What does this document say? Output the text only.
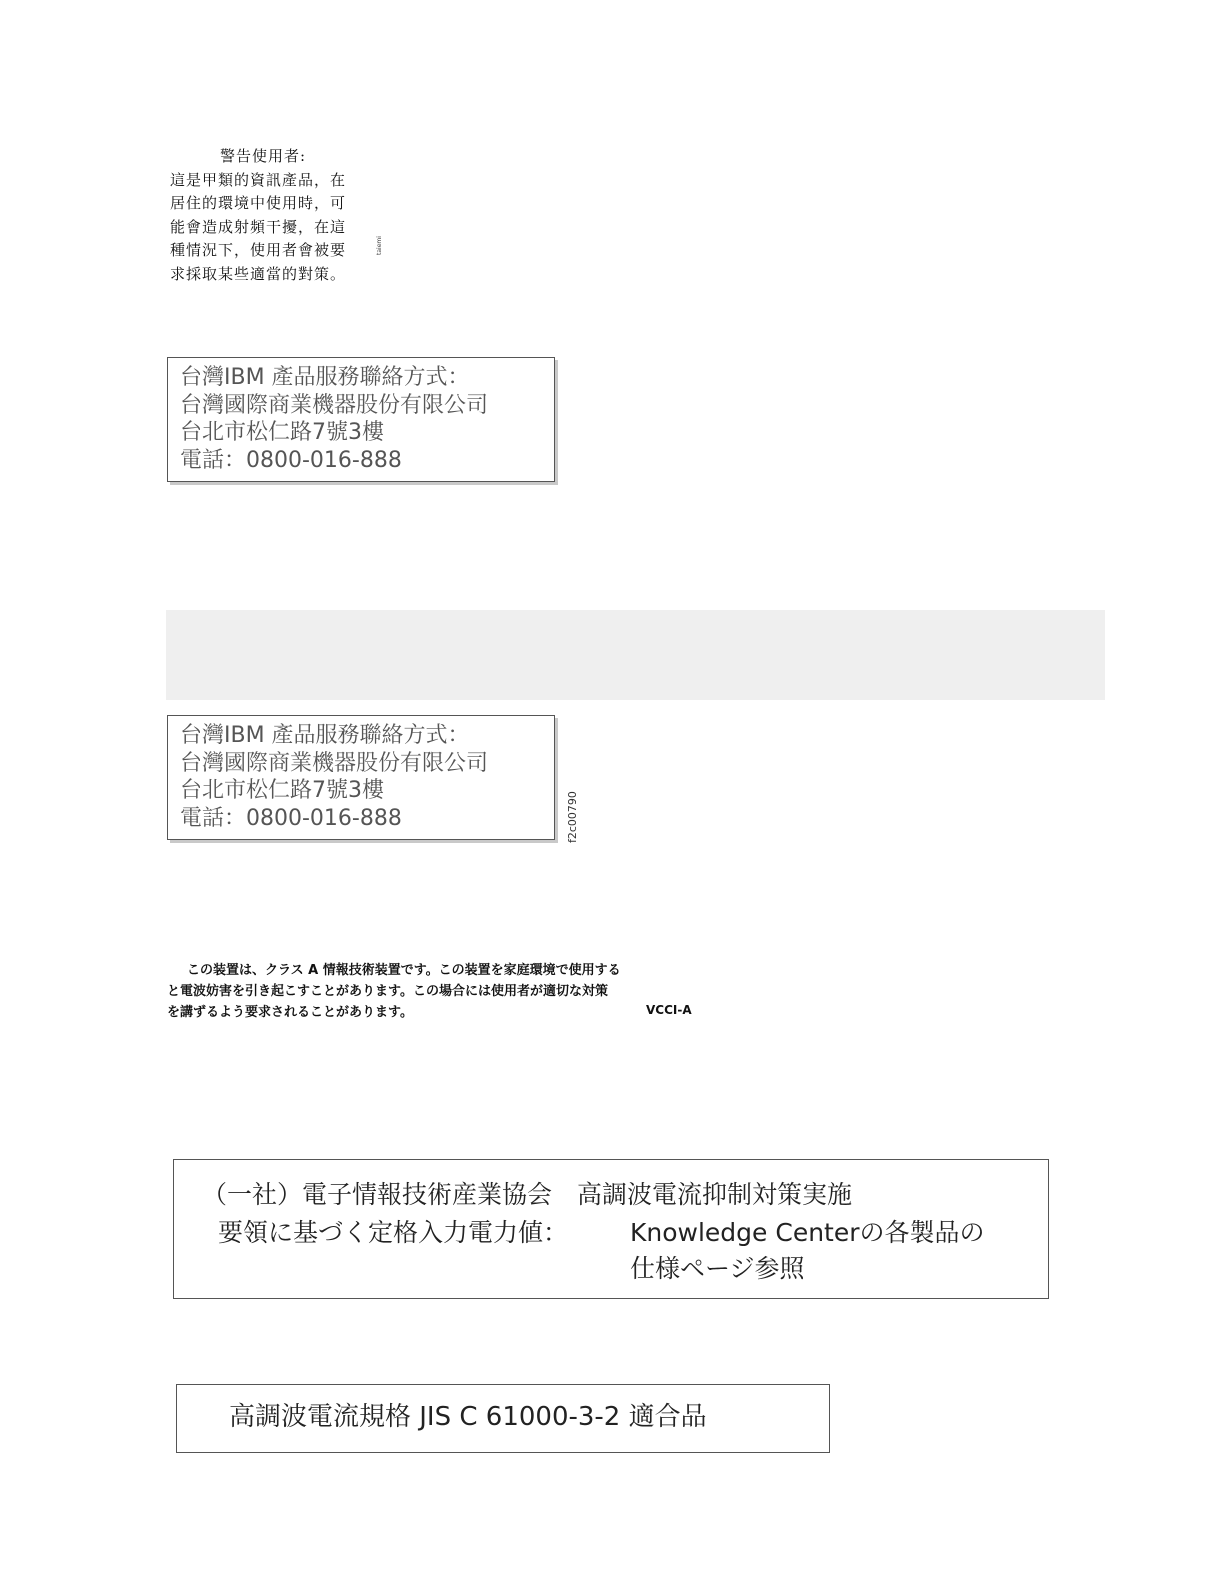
警告使用者:
這是甲類的資訊產品，在
居住的環境中使用時，可
能會造成射頻干擾，在這
種情況下，使用者會被要
求採取某些適當的對策。
taiemi
台灣IBM 產品服務聯絡方式：
台灣國際商業機器股份有限公司
台北市松仁路7號3樓
電話：0800-016-888
台灣IBM 產品服務聯絡方式：
台灣國際商業機器股份有限公司
台北市松仁路7號3樓
電話：0800-016-888	f2c00790
この装置は、クラス A 情報技術装置です。この装置を家庭環境で使用する
と電波妨害を引き起こすことがあります。この場合には使用者が適切な対策
を講ずるよう要求されることがあります。	VCCI-A
（一社）電子情報技術産業協会　高調波電流抑制対策実施
要領に基づく定格入力電力値： Knowledge Centerの各製品の
仕様ページ参照
高調波電流規格 JIS C 61000-3-2 適合品
